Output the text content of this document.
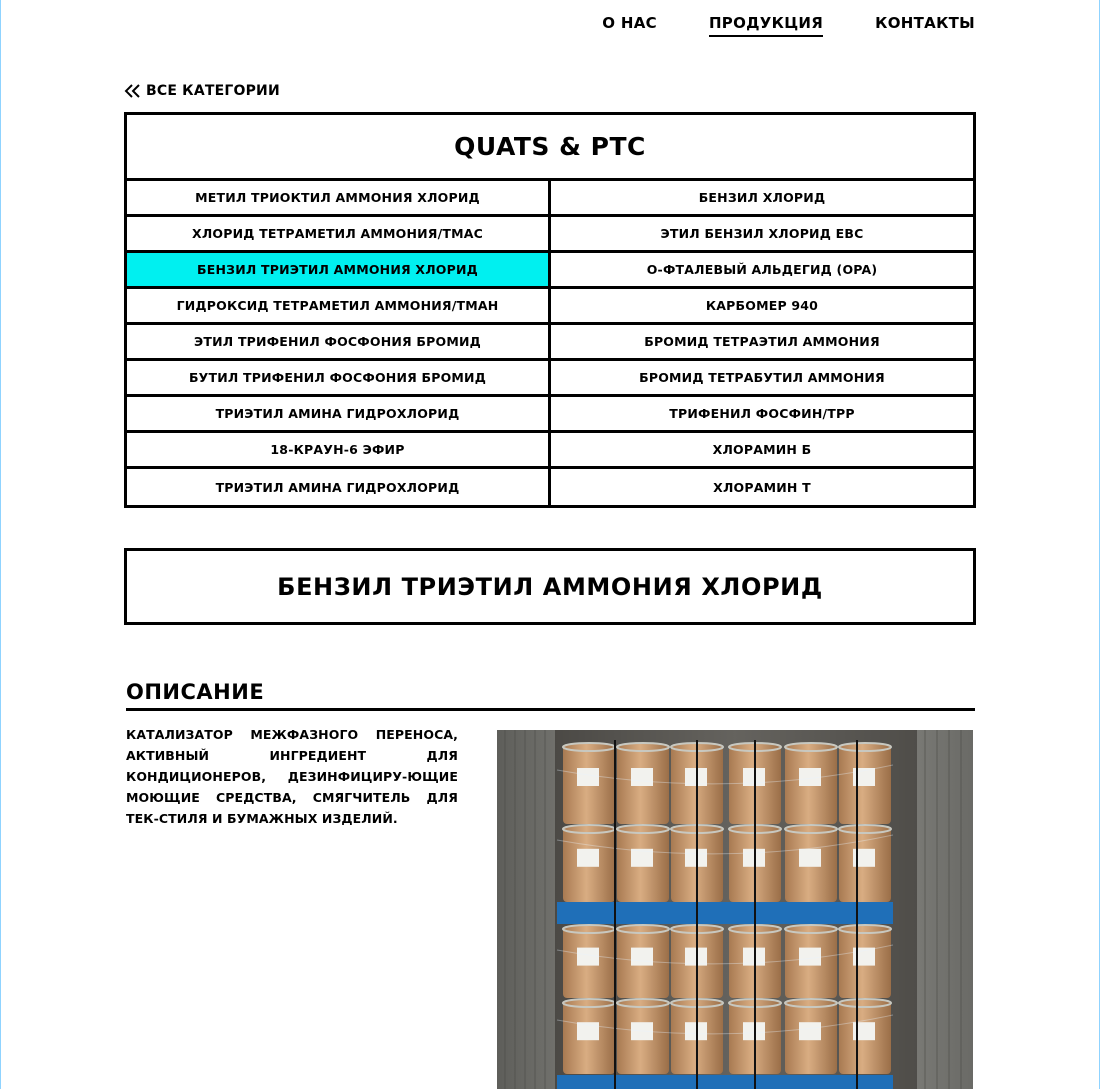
О НАС	ПРОДУКЦИЯ	КОНТАКТЫ
ВСЕ КАТЕГОРИИ
QUATS & PTC
МЕТИЛ ТРИОКТИЛ АММОНИЯ ХЛОРИД	БЕНЗИЛ ХЛОРИД
ХЛОРИД ТЕТРАМЕТИЛ АММОНИЯ/TMAC	ЭТИЛ БЕНЗИЛ ХЛОРИД EBC
БЕНЗИЛ ТРИЭТИЛ АММОНИЯ ХЛОРИД	О-ФТАЛЕВЫЙ АЛЬДЕГИД (OPA)
ГИДРОКСИД ТЕТРАМЕТИЛ АММОНИЯ/TMAH	КАРБОМЕР 940
ЭТИЛ ТРИФЕНИЛ ФОСФОНИЯ БРОМИД	БРОМИД ТЕТРАЭТИЛ АММОНИЯ
БУТИЛ ТРИФЕНИЛ ФОСФОНИЯ БРОМИД	БРОМИД ТЕТРАБУТИЛ АММОНИЯ
ТРИЭТИЛ АМИНА ГИДРОХЛОРИД	ТРИФЕНИЛ ФОСФИН/TPP
18-КРАУН-6 ЭФИР	ХЛОРАМИН Б
ТРИЭТИЛ АМИНА ГИДРОХЛОРИД	ХЛОРАМИН Т
БЕНЗИЛ ТРИЭТИЛ АММОНИЯ ХЛОРИД
ОПИСАНИЕ
КАТАЛИЗАТОР МЕЖФАЗНОГО ПЕРЕНОСА, АКТИВНЫЙ ИНГРЕДИЕНТ ДЛЯ КОНДИЦИОНЕРОВ, ДЕЗИНФИЦИРУ-ЮЩИЕ МОЮЩИЕ СРЕДСТВА, СМЯГЧИТЕЛЬ ДЛЯ ТЕК-СТИЛЯ И БУМАЖНЫХ ИЗДЕЛИЙ.
